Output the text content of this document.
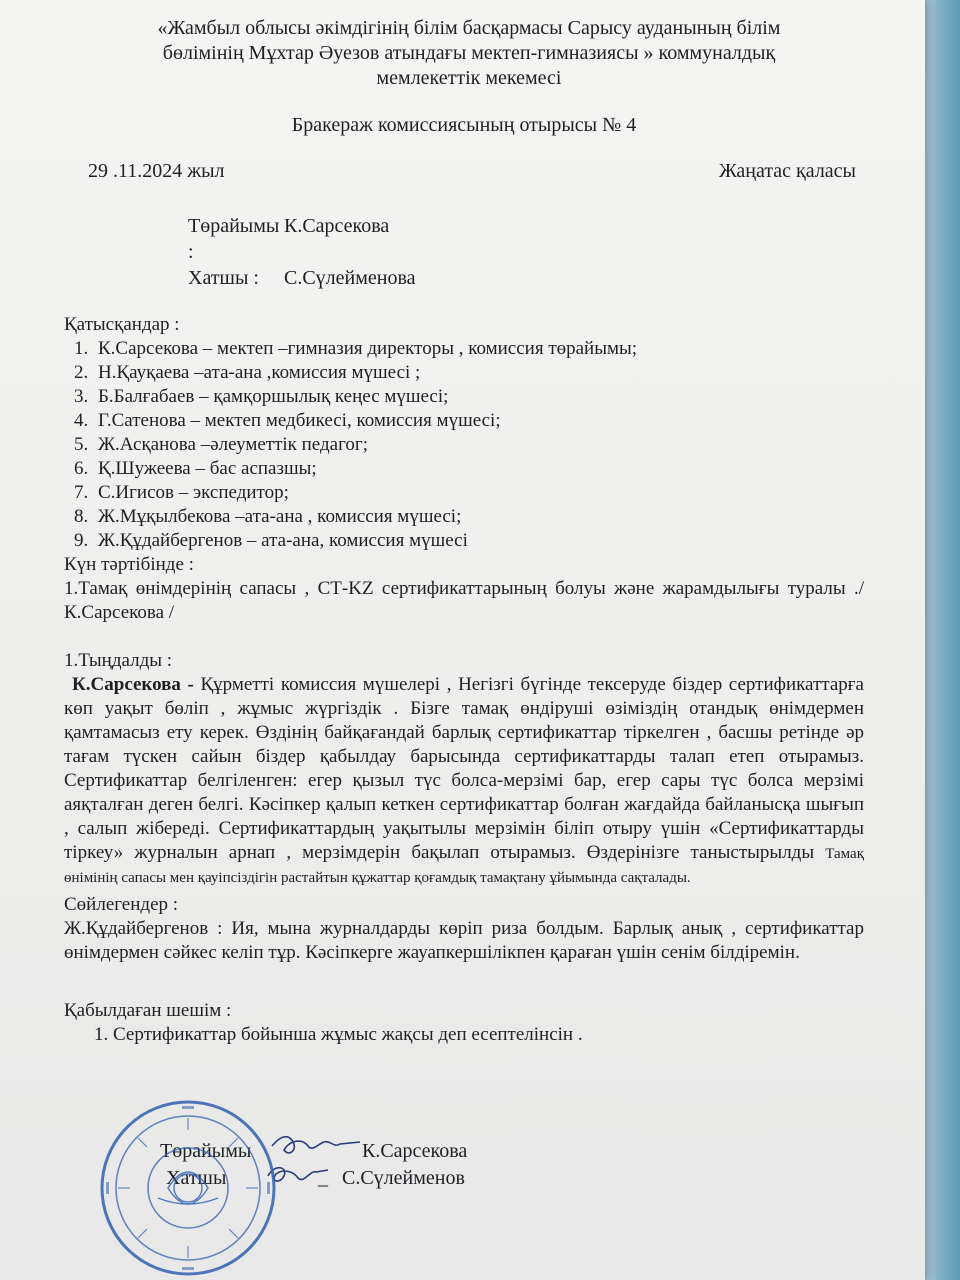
«Жамбыл облысы әкімдігінің білім басқармасы Сарысу ауданының білім
бөлімінің Мұхтар Әуезов атындағы мектеп-гимназиясы » коммуналдық
мемлекеттік мекемесі
Бракераж комиссиясының отырысы № 4
29 .11.2024 жыл	Жаңатас қаласы
Төрайымы :
К.Сарсекова
Хатшы :	С.Сүлейменова
Қатысқандар :
1. К.Сарсекова – мектеп –гимназия директоры , комиссия төрайымы;
2. Н.Қауқаева –ата-ана ,комиссия мүшесі ;
3. Б.Балғабаев – қамқоршылық кеңес мүшесі;
4. Г.Сатенова – мектеп медбикесі, комиссия мүшесі;
5. Ж.Асқанова –әлеуметтік педагог;
6. Қ.Шужеева – бас аспазшы;
7. С.Игисов – экспедитор;
8. Ж.Мұқылбекова –ата-ана , комиссия мүшесі;
9. Ж.Құдайбергенов – ата-ана, комиссия мүшесі
Күн тәртібінде :
1.Тамақ өнімдерінің сапасы , СТ-KZ сертификаттарының болуы және жарамдылығы туралы ./ К.Сарсекова /
1.Тыңдалды :
К.Сарсекова - Құрметті комиссия мүшелері , Негізгі бүгінде тексеруде біздер сертификаттарға көп уақыт бөліп , жұмыс жүргіздік . Бізге тамақ өндіруші өзіміздің отандық өнімдермен қамтамасыз ету керек. Өздінің байқағандай барлық сертификаттар тіркелген , басшы ретінде әр тағам түскен сайын біздер қабылдау барысында сертификаттарды талап етеп отырамыз. Сертификаттар белгіленген: егер қызыл түс болса-мерзімі бар, егер сары түс болса мерзімі аяқталған деген белгі. Кәсіпкер қалып кеткен сертификаттар болған жағдайда байланысқа шығып , салып жібереді. Сертификаттардың уақытылы мерзімін біліп отыру үшін «Сертификаттарды тіркеу» журналын арнап , мерзімдерін бақылап отырамыз. Өздерінізге таныстырылды Тамақ өнімінің сапасы мен қауіпсіздігін растайтын құжаттар қоғамдық тамақтану ұйымында сақталады.
Сөйлегендер :
Ж.Құдайбергенов : Ия, мына журналдарды көріп риза болдым. Барлық анық , сертификаттар өнімдермен сәйкес келіп тұр. Кәсіпкерге жауапкершілікпен қараған үшін сенім білдіремін.
Қабылдаған шешім :
1. Сертификаттар бойынша жұмыс жақсы деп есептелінсін .
Төрайымы	К.Сарсекова
Хатшы	_ С.Сүлейменов
